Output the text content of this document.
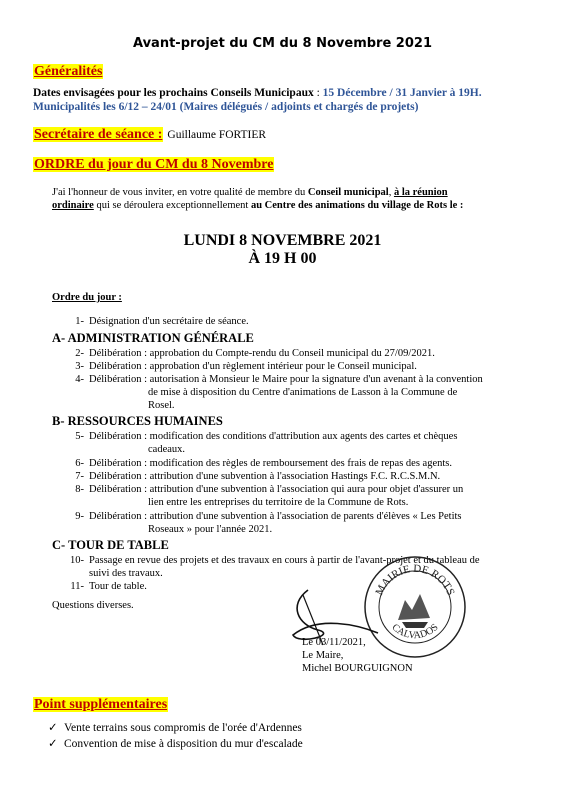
Avant-projet du CM du 8 Novembre 2021
Généralités
Dates envisagées pour les prochains Conseils Municipaux : 15 Décembre / 31 Janvier à 19H.
Municipalités les 6/12 – 24/01 (Maires délégués / adjoints et chargés de projets)
Secrétaire de séance : Guillaume FORTIER
ORDRE du jour du CM du 8 Novembre
J'ai l'honneur de vous inviter, en votre qualité de membre du Conseil municipal, à la réunion
ordinaire qui se déroulera exceptionnellement au Centre des animations du village de Rots le :
LUNDI 8 NOVEMBRE 2021
À 19 H 00
Ordre du jour :
1- Désignation d'un secrétaire de séance.
A- ADMINISTRATION GÉNÉRALE
2- Délibération : approbation du Compte-rendu du Conseil municipal du 27/09/2021.
3- Délibération : approbation d'un règlement intérieur pour le Conseil municipal.
4- Délibération : autorisation à Monsieur le Maire pour la signature d'un avenant à la convention
de mise à disposition du Centre d'animations de Lasson à la Commune de
Rosel.
B- RESSOURCES HUMAINES
5- Délibération : modification des conditions d'attribution aux agents des cartes et chèques
cadeaux.
6- Délibération : modification des règles de remboursement des frais de repas des agents.
7- Délibération : attribution d'une subvention à l'association Hastings F.C. R.C.S.M.N.
8- Délibération : attribution d'une subvention à l'association qui aura pour objet d'assurer un
lien entre les entreprises du territoire de la Commune de Rots.
9- Délibération : attribution d'une subvention à l'association de parents d'élèves « Les Petits
Roseaux » pour l'année 2021.
C- TOUR DE TABLE
10- Passage en revue des projets et des travaux en cours à partir de l'avant-projet et du tableau de
suivi des travaux.
11- Tour de table.
Questions diverses.
MAIRIE DE ROTS
CALVADOS
Le 03/11/2021,
Le Maire,
Michel BOURGUIGNON
Point supplémentaires
✓ Vente terrains sous compromis de l'orée d'Ardennes
✓ Convention de mise à disposition du mur d'escalade
